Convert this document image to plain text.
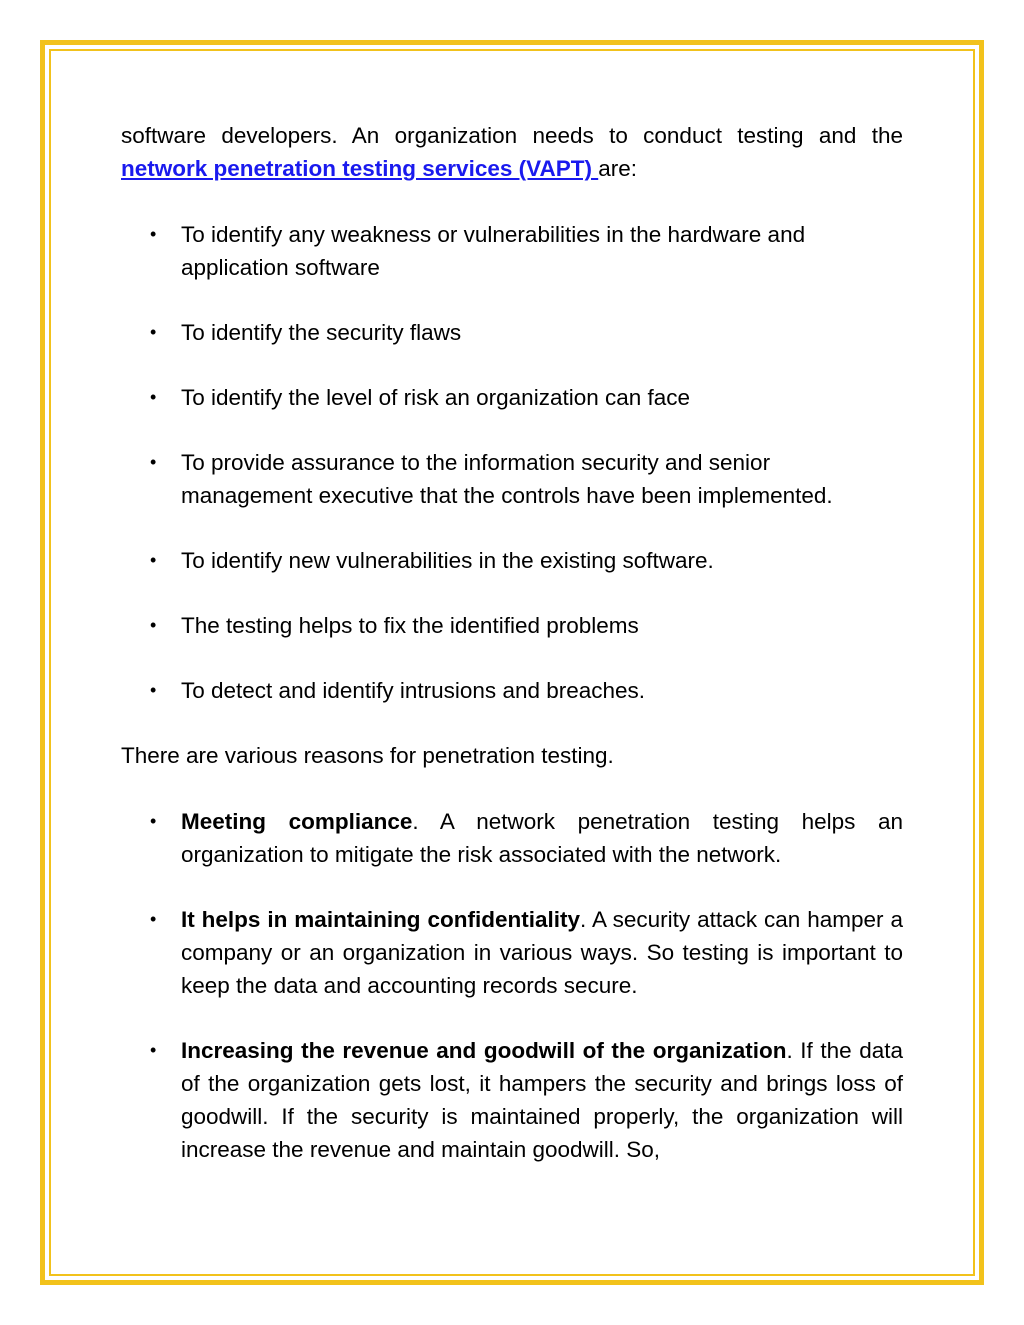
software developers. An organization needs to conduct testing and the network penetration testing services (VAPT) are:

• To identify any weakness or vulnerabilities in the hardware and application software
• To identify the security flaws
• To identify the level of risk an organization can face
• To provide assurance to the information security and senior management executive that the controls have been implemented.
• To identify new vulnerabilities in the existing software.
• The testing helps to fix the identified problems
• To detect and identify intrusions and breaches.

There are various reasons for penetration testing.

• Meeting compliance. A network penetration testing helps an organization to mitigate the risk associated with the network.
• It helps in maintaining confidentiality. A security attack can hamper a company or an organization in various ways. So testing is important to keep the data and accounting records secure.
• Increasing the revenue and goodwill of the organization. If the data of the organization gets lost, it hampers the security and brings loss of goodwill. If the security is maintained properly, the organization will increase the revenue and maintain goodwill. So,
